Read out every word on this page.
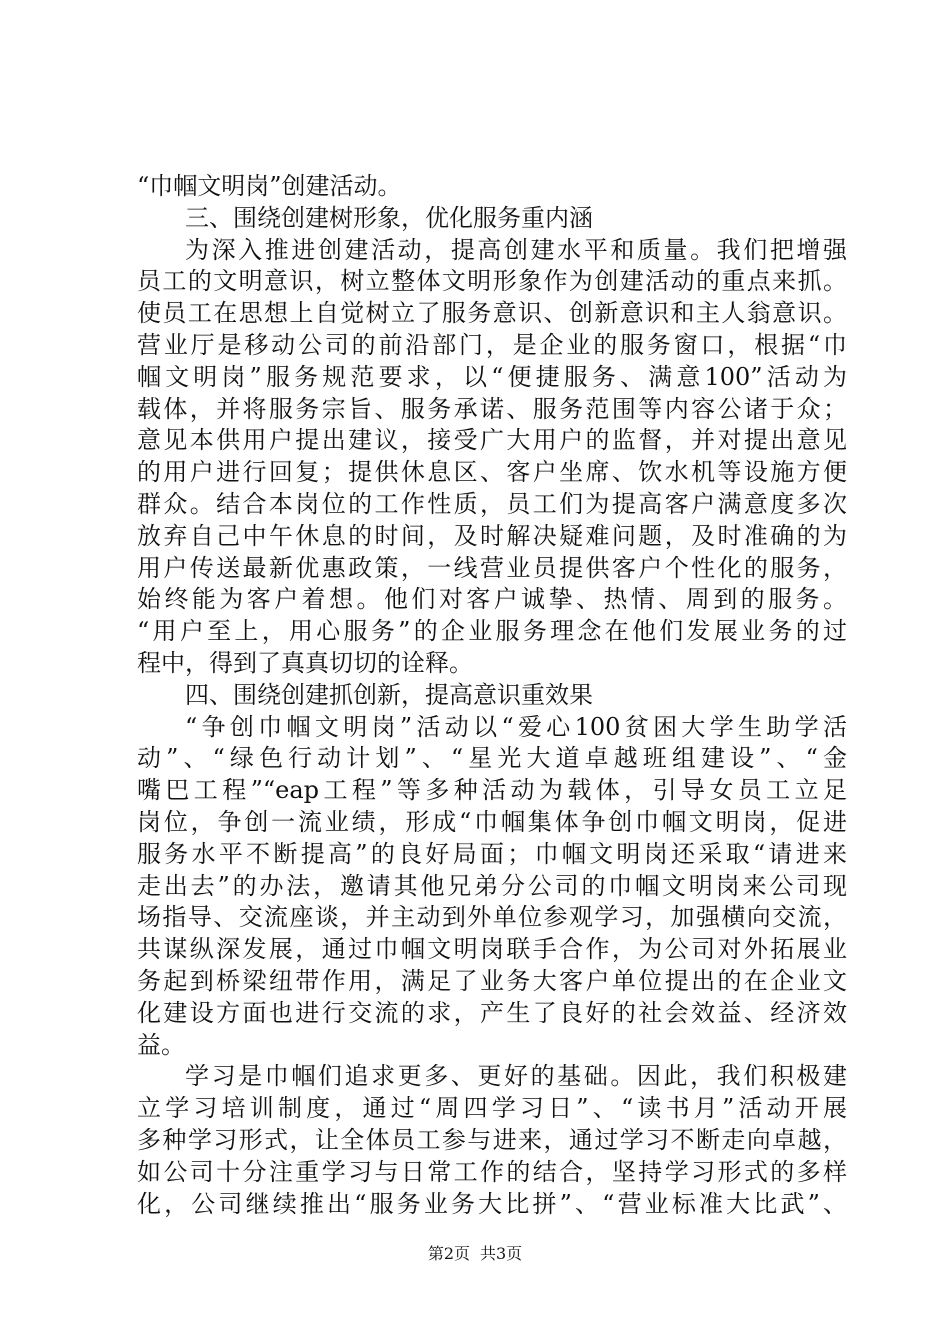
“巾帼文明岗”创建活动。
三、围绕创建树形象，优化服务重内涵
为深入推进创建活动，提高创建水平和质量。我们把增强
员工的文明意识，树立整体文明形象作为创建活动的重点来抓。
使员工在思想上自觉树立了服务意识、创新意识和主人翁意识。
营业厅是移动公司的前沿部门，是企业的服务窗口，根据“巾
帼文明岗”服务规范要求，以“便捷服务、满意100”活动为
载体，并将服务宗旨、服务承诺、服务范围等内容公诸于众；
意见本供用户提出建议，接受广大用户的监督，并对提出意见
的用户进行回复；提供休息区、客户坐席、饮水机等设施方便
群众。结合本岗位的工作性质，员工们为提高客户满意度多次
放弃自己中午休息的时间，及时解决疑难问题，及时准确的为
用户传送最新优惠政策，一线营业员提供客户个性化的服务，
始终能为客户着想。他们对客户诚挚、热情、周到的服务。
“用户至上，用心服务”的企业服务理念在他们发展业务的过
程中，得到了真真切切的诠释。
四、围绕创建抓创新，提高意识重效果
“争创巾帼文明岗”活动以“爱心100贫困大学生助学活
动”、“绿色行动计划”、“星光大道卓越班组建设”、“金
嘴巴工程”“eap工程”等多种活动为载体，引导女员工立足
岗位，争创一流业绩，形成“巾帼集体争创巾帼文明岗，促进
服务水平不断提高”的良好局面；巾帼文明岗还采取“请进来
走出去”的办法，邀请其他兄弟分公司的巾帼文明岗来公司现
场指导、交流座谈，并主动到外单位参观学习，加强横向交流，
共谋纵深发展，通过巾帼文明岗联手合作，为公司对外拓展业
务起到桥梁纽带作用，满足了业务大客户单位提出的在企业文
化建设方面也进行交流的求，产生了良好的社会效益、经济效
益。
学习是巾帼们追求更多、更好的基础。因此，我们积极建
立学习培训制度，通过“周四学习日”、“读书月”活动开展
多种学习形式，让全体员工参与进来，通过学习不断走向卓越，
如公司十分注重学习与日常工作的结合，坚持学习形式的多样
化，公司继续推出“服务业务大比拼”、“营业标准大比武”、
第2页 共3页
